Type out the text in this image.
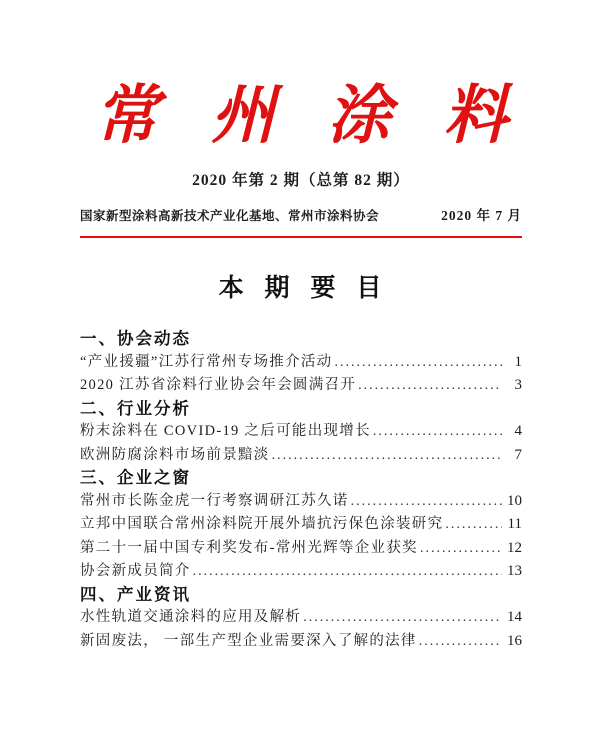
常 州 涂 料
2020 年第 2 期（总第 82 期）
国家新型涂料高新技术产业化基地、常州市涂料协会	2020 年 7 月
本 期 要 目
一、协会动态
“产业援疆”江苏行常州专场推介活动 .....	1
2020 江苏省涂料行业协会年会圆满召开 .....	3
二、行业分析
粉末涂料在 COVID-19 之后可能出现增长 .....	4
欧洲防腐涂料市场前景黯淡 .....	7
三、企业之窗
常州市长陈金虎一行考察调研江苏久诺 .....	10
立邦中国联合常州涂料院开展外墙抗污保色涂装研究 .....	11
第二十一届中国专利奖发布-常州光辉等企业获奖 .....	12
协会新成员简介 .....	13
四、产业资讯
水性轨道交通涂料的应用及解析 .....	14
新固废法， 一部生产型企业需要深入了解的法律 .....	16
